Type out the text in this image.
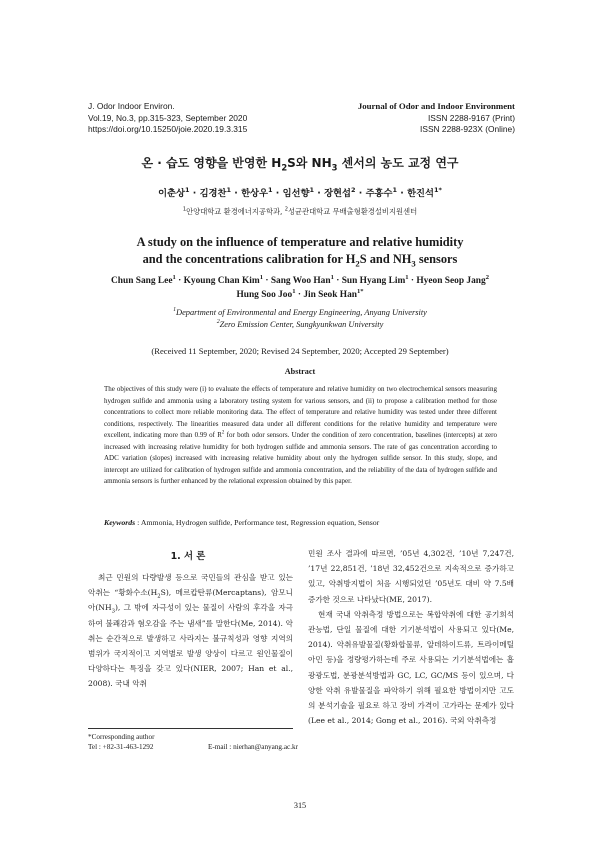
J. Odor Indoor Environ.
Vol.19, No.3, pp.315-323, September 2020
https://doi.org/10.15250/joie.2020.19.3.315
Journal of Odor and Indoor Environment
ISSN 2288-9167 (Print)
ISSN 2288-923X (Online)
온 · 습도 영향을 반영한 $H_2S$와 $NH_3$ 센서의 농도 교정 연구
이춘상$^1$ · 김경찬$^1$ · 한상우$^1$ · 임선향$^1$ · 장현섭$^2$ · 주홍수$^1$ · 한진석$^{1*}$
$^1$안양대학교 환경에너지공학과, $^2$성균관대학교 무배출형환경설비지원센터
A study on the influence of temperature and relative humidity
and the concentrations calibration for $H_2S$ and $NH_3$ sensors
Chun Sang Lee$^1$ · Kyoung Chan Kim$^1$ · Sang Woo Han$^1$ · Sun Hyang Lim$^1$ · Hyeon Seop Jang$^2$
Hung Soo Joo$^1$ · Jin Seok Han$^{1*}$
$^1$Department of Environmental and Energy Engineering, Anyang University
$^2$Zero Emission Center, Sungkyunkwan University
(Received 11 September, 2020; Revised 24 September, 2020; Accepted 29 September)
Abstract
The objectives of this study were (i) to evaluate the effects of temperature and relative humidity on two electrochemical sensors measuring hydrogen sulfide and ammonia using a laboratory testing system for various sensors, and (ii) to propose a calibration method for those concentrations to collect more reliable monitoring data. The effect of temperature and relative humidity was tested under three different conditions, respectively. The linearities measured data under all different conditions for the relative humidity and temperature were excellent, indicating more than 0.99 of $R^2$ for both odor sensors. Under the condition of zero concentration, baselines (intercepts) at zero increased with increasing relative humidity for both hydrogen sulfide and ammonia sensors. The rate of gas concentration according to ADC variation (slopes) increased with increasing relative humidity about only the hydrogen sulfide sensor. In this study, slope, and intercept are utilized for calibration of hydrogen sulfide and ammonia concentration, and the reliability of the data of hydrogen sulfide and ammonia sensors is further enhanced by the relational expression obtained by this paper.
Keywords : Ammonia, Hydrogen sulfide, Performance test, Regression equation, Sensor
1. 서 론
최근 민원의 다량발생 등으로 국민들의 관심을 받고 있는 악취는 “황화수소$(H_2S)$, 메르캅탄류(Mercaptans), 암모니아$(NH_3)$, 그 밖에 자극성이 있는 물질이 사람의 후각을 자극하여 불쾌감과 혐오감을 주는 냄새”를 말한다(Me, 2014). 악취는 순간적으로 발생하고 사라지는 불규칙성과 영향 지역의 범위가 국지적이고 지역별로 발생 양상이 다르고 원인물질이 다양하다는 특징을 갖고 있다(NIER, 2007; Han et al., 2008). 국내 악취
민원 조사 결과에 따르면, ’05년 4,302건, ’10년 7,247건, ’17년 22,851건, ’18년 32,452건으로 지속적으로 증가하고 있고, 악취방지법이 처음 시행되었던 ’05년도 대비 약 7.5배 증가한 것으로 나타났다(ME, 2017).
현재 국내 악취측정 방법으로는 복합악취에 대한 공기희석관능법, 단일 물질에 대한 기기분석법이 사용되고 있다(Me, 2014). 악취유발물질(황화합물류, 알데하이드류, 트라이메틸아민 등)을 정량평가하는데 주로 사용되는 기기분석법에는 흡광광도법, 분광분석방법과 GC, LC, GC/MS 등이 있으며, 다양한 악취 유발물질을 파악하기 위해 필요한 방법이지만 고도의 분석기술을 필요로 하고 장비 가격이 고가라는 문제가 있다(Lee et al., 2014; Gong et al., 2016). 국외 악취측정
*Corresponding author
Tel : +82-31-463-1292	E-mail : nierhan@anyang.ac.kr
315
